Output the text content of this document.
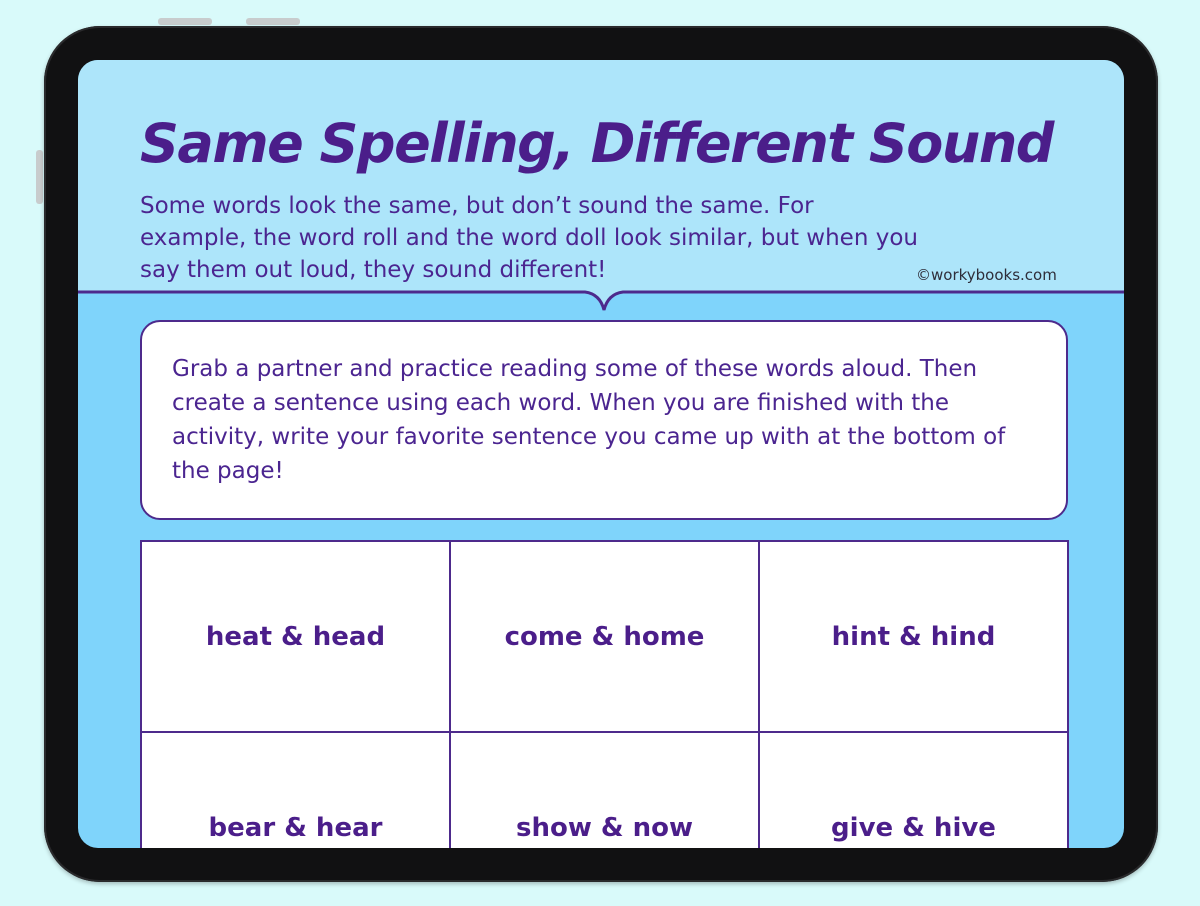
Same Spelling, Different Sound

Some words look the same, but don’t sound the same. For example, the word roll and the word doll look similar, but when you say them out loud, they sound different!	©workybooks.com

Grab a partner and practice reading some of these words aloud. Then create a sentence using each word. When you are finished with the activity, write your favorite sentence you came up with at the bottom of the page!

heat & head	come & home	hint & hind
bear & hear	show & now	give & hive
